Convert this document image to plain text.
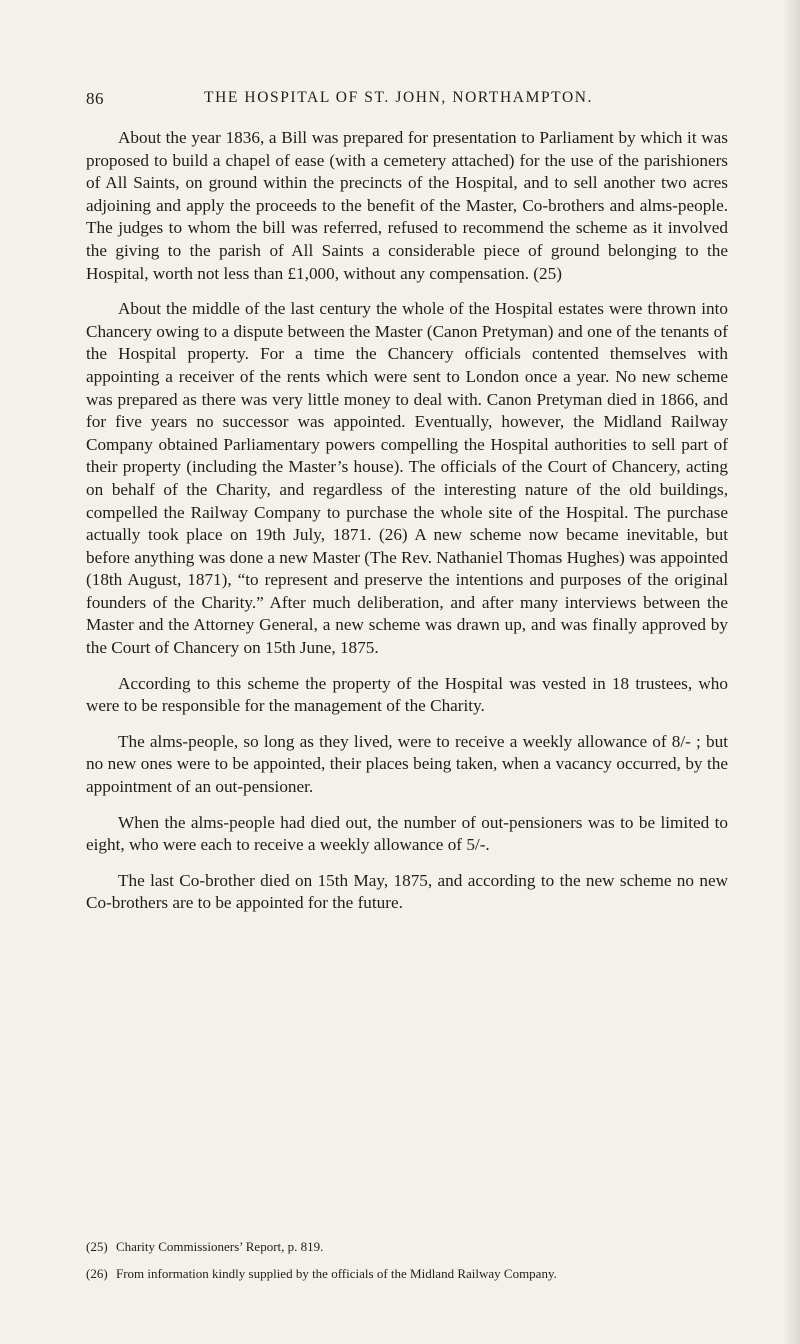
86	THE HOSPITAL OF ST. JOHN, NORTHAMPTON.

About the year 1836, a Bill was prepared for presentation to Parliament by which it was proposed to build a chapel of ease (with a cemetery attached) for the use of the parishioners of All Saints, on ground within the precincts of the Hospital, and to sell another two acres adjoining and apply the proceeds to the benefit of the Master, Co-brothers and alms-people. The judges to whom the bill was referred, refused to recommend the scheme as it involved the giving to the parish of All Saints a considerable piece of ground belonging to the Hospital, worth not less than £1,000, without any compensation. (25)

About the middle of the last century the whole of the Hospital estates were thrown into Chancery owing to a dispute between the Master (Canon Pretyman) and one of the tenants of the Hospital property. For a time the Chancery officials contented themselves with appointing a receiver of the rents which were sent to London once a year. No new scheme was prepared as there was very little money to deal with. Canon Pretyman died in 1866, and for five years no successor was appointed. Eventually, however, the Midland Railway Company obtained Parliamentary powers compelling the Hospital authorities to sell part of their property (including the Master’s house). The officials of the Court of Chancery, acting on behalf of the Charity, and regardless of the interesting nature of the old buildings, compelled the Railway Company to purchase the whole site of the Hospital. The purchase actually took place on 19th July, 1871. (26) A new scheme now became inevitable, but before anything was done a new Master (The Rev. Nathaniel Thomas Hughes) was appointed (18th August, 1871), “to represent and preserve the intentions and purposes of the original founders of the Charity.” After much deliberation, and after many interviews between the Master and the Attorney General, a new scheme was drawn up, and was finally approved by the Court of Chancery on 15th June, 1875.

According to this scheme the property of the Hospital was vested in 18 trustees, who were to be responsible for the management of the Charity.

The alms-people, so long as they lived, were to receive a weekly allowance of 8/- ; but no new ones were to be appointed, their places being taken, when a vacancy occurred, by the appointment of an out-pensioner.

When the alms-people had died out, the number of out-pensioners was to be limited to eight, who were each to receive a weekly allowance of 5/-.

The last Co-brother died on 15th May, 1875, and according to the new scheme no new Co-brothers are to be appointed for the future.

(25) Charity Commissioners’ Report, p. 819.
(26) From information kindly supplied by the officials of the Midland Railway Company.
